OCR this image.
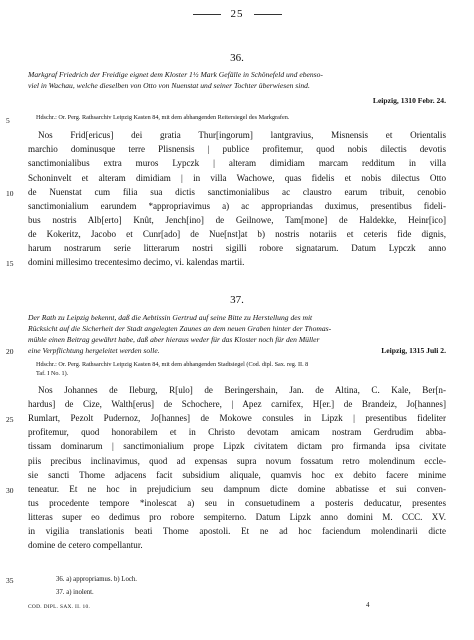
25
36.
Markgraf Friedrich der Freidige eignet dem Kloster 1½ Mark Gefälle in Schönefeld und ebenso-
viel in Wachau, welche dieselben von Otto von Nuenstat und seiner Tochter überwiesen sind.
Leipzig, 1310 Febr. 24.
Hdschr.: Or. Perg. Rathsarchiv Leipzig Kasten 84, mit dem abhangenden Reitersiegel des Markgrafen.
Nos Frid[ericus] dei gratia Thur[ingorum] lantgravius, Misnensis et Orientalis
marchio dominusque terre Plisnensis | publice profitemur, quod nobis dilectis devotis
sanctimonialibus extra muros Lypczk | alteram dimidiam marcam redditum in villa
Schoninvelt et alteram dimidiam | in villa Wachowe, quas fidelis et nobis dilectus Otto
de Nuenstat cum filia sua dictis sanctimonialibus ac claustro earum tribuit, cenobio
sanctimonialium earundem *appropriavimus a) ac appropriandas duximus, presentibus fideli-
bus nostris Alb[erto] Knût, Jench[ino] de Geilnowe, Tam[mone] de Haldekke, Heinr[ico]
de Kokeritz, Jacobo et Cunr[ado] de Nue[nst]at b) nostris notariis et ceteris fide dignis,
harum nostrarum serie litterarum nostri sigilli robore signatarum. Datum Lypczk anno
domini millesimo trecentesimo decimo, vi. kalendas martii.
37.
Der Rath zu Leipzig bekennt, daß die Aebtissin Gertrud auf seine Bitte zu Herstellung des mit
Rücksicht auf die Sicherheit der Stadt angelegten Zaunes an dem neuen Graben hinter der Thomas-
mühle einen Beitrag gewährt habe, daß aber hieraus weder für das Kloster noch für den Müller
eine Verpflichtung hergeleitet werden solle.	Leipzig, 1315 Juli 2.
Hdschr.: Or. Perg. Rathsarchiv Leipzig Kasten 84, mit dem abhangenden Stadtsiegel (Cod. dipl. Sax. reg. II. 8
Taf. I No. 1).
Nos Johannes de Ileburg, R[ulo] de Beringershain, Jan. de Altina, C. Kale, Ber[n-
hardus] de Cize, Walth[erus] de Schochere, | Apez carnifex, H[er.] de Brandeiz, Jo[hannes]
Rumlart, Pezolt Pudernoz, Jo[hannes] de Mokowe consules in Lipzk | presentibus fideliter
profitemur, quod honorabilem et in Christo devotam amicam nostram Gerdrudim abba-
tissam dominarum | sanctimonialium prope Lipzk civitatem dictam pro firmanda ipsa civitate
piis precibus inclinavimus, quod ad expensas supra novum fossatum retro molendinum eccle-
sie sancti Thome adjacens facit subsidium aliquale, quamvis hoc ex debito facere minime
teneatur. Et ne hoc in prejudicium seu dampnum dicte domine abbatisse et sui conven-
tus procedente tempore *inolescat a) seu in consuetudinem a posteris deducatur, presentes
litteras super eo dedimus pro robore sempiterno. Datum Lipzk anno domini M. CCC. XV.
in vigilia translationis beati Thome apostoli. Et ne ad hoc faciendum molendinarii dicte
domine de cetero compellantur.
5
10
15
20
25
30
35	36. a) appropriamus. b) Loch.
37. a) inolent.
COD. DIPL. SAX. II. 10.	4
